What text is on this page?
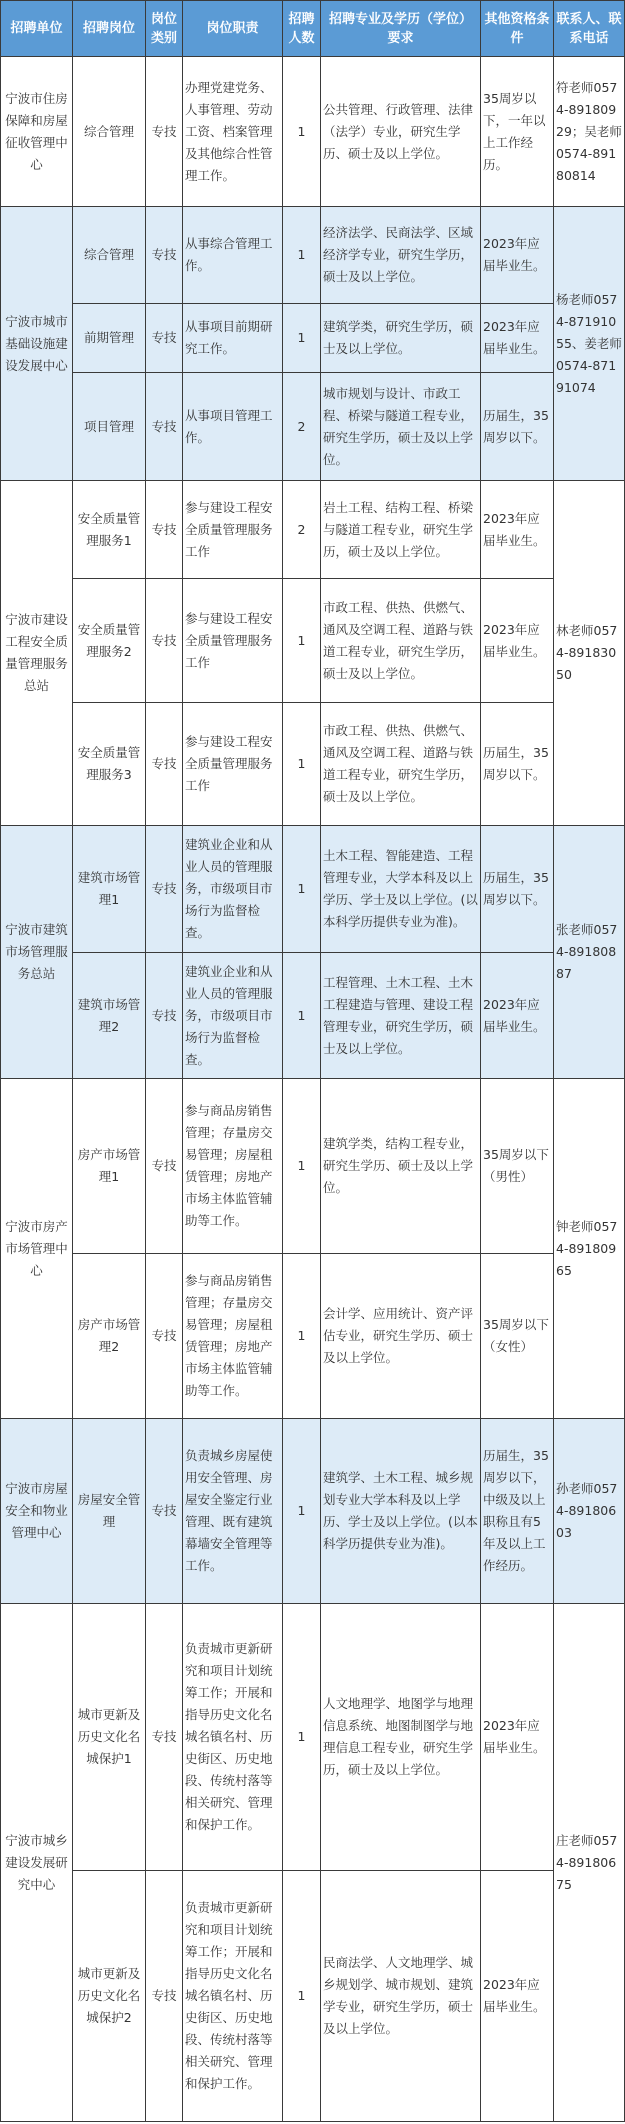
招聘单位	招聘岗位	岗位类别	岗位职责	招聘人数	招聘专业及学历（学位）要求	其他资格条件	联系人、联系电话
宁波市住房保障和房屋征收管理中心	综合管理	专技	办理党建党务、人事管理、劳动工资、档案管理及其他综合性管理工作。	1	公共管理、行政管理、法律（法学）专业，研究生学历、硕士及以上学位。	35周岁以下，一年以上工作经历。	符老师0574-89180929；吴老师0574-89180814
宁波市城市基础设施建设发展中心	综合管理	专技	从事综合管理工作。	1	经济法学、民商法学、区域经济学专业，研究生学历，硕士及以上学位。	2023年应届毕业生。	杨老师0574-87191055、姜老师 0574-87191074
	前期管理	专技	从事项目前期研究工作。	1	建筑学类，研究生学历，硕士及以上学位。	2023年应届毕业生。	
	项目管理	专技	从事项目管理工作。	2	城市规划与设计、市政工程、桥梁与隧道工程专业，研究生学历，硕士及以上学位。	历届生，35周岁以下。	
宁波市建设工程安全质量管理服务总站	安全质量管理服务1	专技	参与建设工程安全质量管理服务工作	2	岩土工程、结构工程、桥梁与隧道工程专业，研究生学历，硕士及以上学位。	2023年应届毕业生。	林老师0574-89183050
	安全质量管理服务2	专技	参与建设工程安全质量管理服务工作	1	市政工程、供热、供燃气、通风及空调工程、道路与铁道工程专业，研究生学历，硕士及以上学位。	2023年应届毕业生。	
	安全质量管理服务3	专技	参与建设工程安全质量管理服务工作	1	市政工程、供热、供燃气、通风及空调工程、道路与铁道工程专业，研究生学历，硕士及以上学位。	历届生，35周岁以下。	
宁波市建筑市场管理服务总站	建筑市场管理1	专技	建筑业企业和从业人员的管理服务，市级项目市场行为监督检查。	1	土木工程、智能建造、工程管理专业，大学本科及以上学历、学士及以上学位。(以本科学历提供专业为准)。	历届生，35周岁以下。	张老师0574-89180887
	建筑市场管理2	专技	建筑业企业和从业人员的管理服务，市级项目市场行为监督检查。	1	工程管理、土木工程、土木工程建造与管理、建设工程管理专业，研究生学历，硕士及以上学位。	2023年应届毕业生。	
宁波市房产市场管理中心	房产市场管理1	专技	参与商品房销售管理；存量房交易管理；房屋租赁管理；房地产市场主体监管辅助等工作。	1	建筑学类，结构工程专业，研究生学历、硕士及以上学位。	35周岁以下（男性）	钟老师0574-89180965
	房产市场管理2	专技	参与商品房销售管理；存量房交易管理；房屋租赁管理；房地产市场主体监管辅助等工作。	1	会计学、应用统计、资产评估专业，研究生学历、硕士及以上学位。	35周岁以下（女性）	
宁波市房屋安全和物业管理中心	房屋安全管理	专技	负责城乡房屋使用安全管理、房屋安全鉴定行业管理、既有建筑幕墙安全管理等工作。	1	建筑学、土木工程、城乡规划专业大学本科及以上学历、学士及以上学位。(以本科学历提供专业为准)。	历届生，35周岁以下，中级及以上职称且有5年及以上工作经历。	孙老师0574-89180603
宁波市城乡建设发展研究中心	城市更新及历史文化名城保护1	专技	负责城市更新研究和项目计划统筹工作；开展和指导历史文化名城名镇名村、历史街区、历史地段、传统村落等相关研究、管理和保护工作。	1	人文地理学、地图学与地理信息系统、地图制图学与地理信息工程专业，研究生学历，硕士及以上学位。	2023年应届毕业生。	庄老师0574-89180675
	城市更新及历史文化名城保护2	专技	负责城市更新研究和项目计划统筹工作；开展和指导历史文化名城名镇名村、历史街区、历史地段、传统村落等相关研究、管理和保护工作。	1	民商法学、人文地理学、城乡规划学、城市规划、建筑学专业，研究生学历，硕士及以上学位。	2023年应届毕业生。	
